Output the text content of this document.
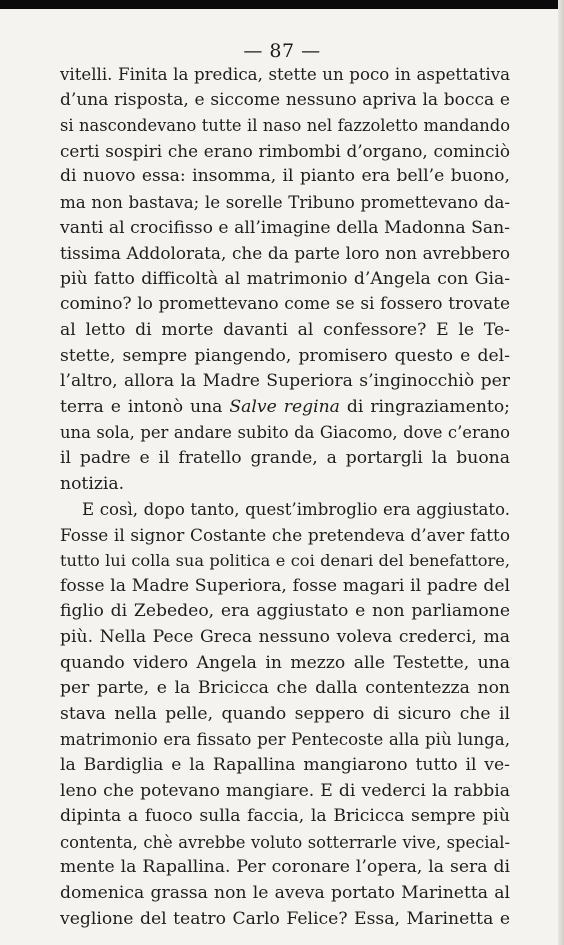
— 87 —
vitelli. Finita la predica, stette un poco in aspettativa
d’una risposta, e siccome nessuno apriva la bocca e
si nascondevano tutte il naso nel fazzoletto mandando
certi sospiri che erano rimbombi d’organo, cominciò
di nuovo essa: insomma, il pianto era bell’e buono,
ma non bastava; le sorelle Tribuno promettevano da-
vanti al crocifisso e all’imagine della Madonna San-
tissima Addolorata, che da parte loro non avrebbero
più fatto difficoltà al matrimonio d’Angela con Gia-
comino? lo promettevano come se si fossero trovate
al letto di morte davanti al confessore? E le Te-
stette, sempre piangendo, promisero questo e del-
l’altro, allora la Madre Superiora s’inginocchiò per
terra e intonò una Salve regina di ringraziamento;
una sola, per andare subito da Giacomo, dove c’erano
il padre e il fratello grande, a portargli la buona
notizia.
E così, dopo tanto, quest’imbroglio era aggiustato.
Fosse il signor Costante che pretendeva d’aver fatto
tutto lui colla sua politica e coi denari del benefattore,
fosse la Madre Superiora, fosse magari il padre del
figlio di Zebedeo, era aggiustato e non parliamone
più. Nella Pece Greca nessuno voleva crederci, ma
quando videro Angela in mezzo alle Testette, una
per parte, e la Bricicca che dalla contentezza non
stava nella pelle, quando seppero di sicuro che il
matrimonio era fissato per Pentecoste alla più lunga,
la Bardiglia e la Rapallina mangiarono tutto il ve-
leno che potevano mangiare. E di vederci la rabbia
dipinta a fuoco sulla faccia, la Bricicca sempre più
contenta, chè avrebbe voluto sotterrarle vive, special-
mente la Rapallina. Per coronare l’opera, la sera di
domenica grassa non le aveva portato Marinetta al
veglione del teatro Carlo Felice? Essa, Marinetta e
